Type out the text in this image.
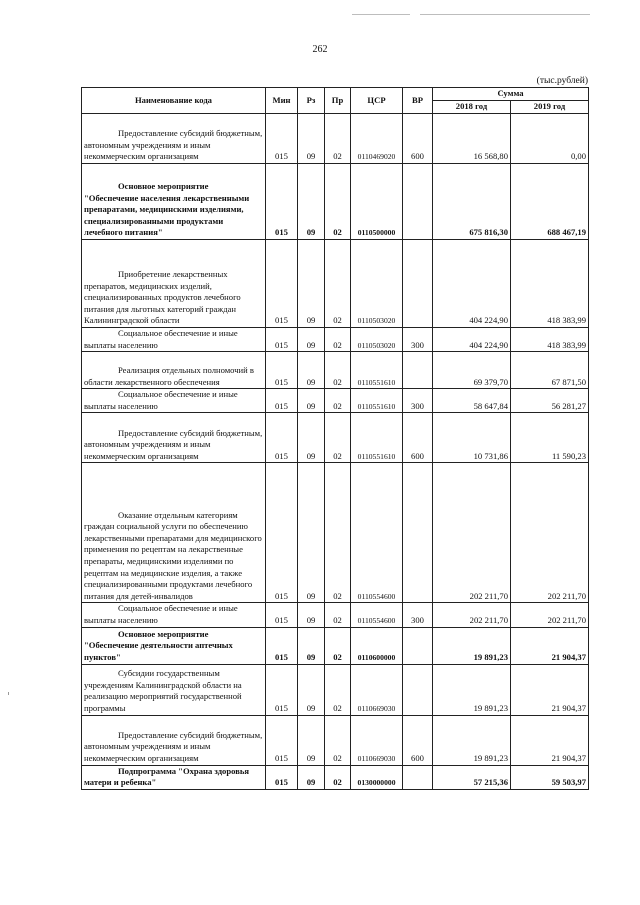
262
(тыс.рублей)
Наименование кода	Мин	Рз	Пр	ЦСР	ВР	Сумма	
						2018 год	2019 год

Предоставление субсидий бюджетным, автономным учреждениям и иным некоммерческим организациям	015	09	02	0110469020	600	16 568,80	0,00

Основное мероприятие "Обеспечение населения лекарственными препаратами, медицинскими изделиями, специализированными продуктами лечебного питания"	015	09	02	0110500000		675 816,30	688 467,19

Приобретение лекарственных препаратов, медицинских изделий, специализированных продуктов лечебного питания для льготных категорий граждан Калининградской области	015	09	02	0110503020		404 224,90	418 383,99

Социальное обеспечение и иные выплаты населению	015	09	02	0110503020	300	404 224,90	418 383,99

Реализация отдельных полномочий в области лекарственного обеспечения	015	09	02	0110551610		69 379,70	67 871,50

Социальное обеспечение и иные выплаты населению	015	09	02	0110551610	300	58 647,84	56 281,27

Предоставление субсидий бюджетным, автономным учреждениям и иным некоммерческим организациям	015	09	02	0110551610	600	10 731,86	11 590,23

Оказание отдельным категориям граждан социальной услуги по обеспечению лекарственными препаратами для медицинского применения по рецептам на лекарственные препараты, медицинскими изделиями по рецептам на медицинские изделия, а также специализированными продуктами лечебного питания для детей-инвалидов	015	09	02	0110554600		202 211,70	202 211,70

Социальное обеспечение и иные выплаты населению	015	09	02	0110554600	300	202 211,70	202 211,70

Основное мероприятие "Обеспечение деятельности аптечных пунктов"	015	09	02	0110600000		19 891,23	21 904,37

Субсидии государственным учреждениям Калининградской области на реализацию мероприятий государственной программы	015	09	02	0110669030		19 891,23	21 904,37

Предоставление субсидий бюджетным, автономным учреждениям и иным некоммерческим организациям	015	09	02	0110669030	600	19 891,23	21 904,37

Подпрограмма "Охрана здоровья матери и ребенка"	015	09	02	0130000000		57 215,36	59 503,97
